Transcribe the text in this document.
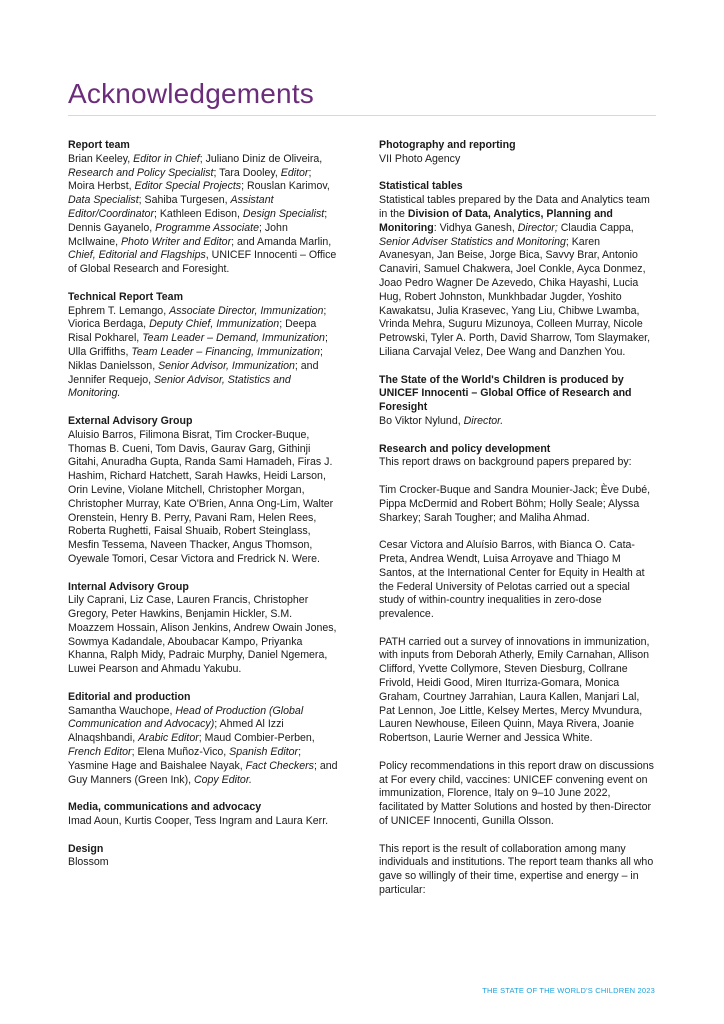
Acknowledgements
Report team

Brian Keeley, Editor in Chief; Juliano Diniz de Oliveira, Research and Policy Specialist; Tara Dooley, Editor; Moira Herbst, Editor Special Projects; Rouslan Karimov, Data Specialist; Sahiba Turgesen, Assistant Editor/Coordinator; Kathleen Edison, Design Specialist; Dennis Gayanelo, Programme Associate; John McIlwaine, Photo Writer and Editor; and Amanda Marlin, Chief, Editorial and Flagships, UNICEF Innocenti – Office of Global Research and Foresight.

Technical Report Team

Ephrem T. Lemango, Associate Director, Immunization; Viorica Berdaga, Deputy Chief, Immunization; Deepa Risal Pokharel, Team Leader – Demand, Immunization; Ulla Griffiths, Team Leader – Financing, Immunization; Niklas Danielsson, Senior Advisor, Immunization; and Jennifer Requejo, Senior Advisor, Statistics and Monitoring.

External Advisory Group

Aluisio Barros, Filimona Bisrat, Tim Crocker-Buque, Thomas B. Cueni, Tom Davis, Gaurav Garg, Githinji Gitahi, Anuradha Gupta, Randa Sami Hamadeh, Firas J. Hashim, Richard Hatchett, Sarah Hawks, Heidi Larson, Orin Levine, Violane Mitchell, Christopher Morgan, Christopher Murray, Kate O'Brien, Anna Ong-Lim, Walter Orenstein, Henry B. Perry, Pavani Ram, Helen Rees, Roberta Rughetti, Faisal Shuaib, Robert Steinglass, Mesfin Tessema, Naveen Thacker, Angus Thomson, Oyewale Tomori, Cesar Victora and Fredrick N. Were.

Internal Advisory Group

Lily Caprani, Liz Case, Lauren Francis, Christopher Gregory, Peter Hawkins, Benjamin Hickler, S.M. Moazzem Hossain, Alison Jenkins, Andrew Owain Jones, Sowmya Kadandale, Aboubacar Kampo, Priyanka Khanna, Ralph Midy, Padraic Murphy, Daniel Ngemera, Luwei Pearson and Ahmadu Yakubu.

Editorial and production

Samantha Wauchope, Head of Production (Global Communication and Advocacy); Ahmed Al Izzi Alnaqshbandi, Arabic Editor; Maud Combier-Perben, French Editor; Elena Muñoz-Vico, Spanish Editor; Yasmine Hage and Baishalee Nayak, Fact Checkers; and Guy Manners (Green Ink), Copy Editor.

Media, communications and advocacy

Imad Aoun, Kurtis Cooper, Tess Ingram and Laura Kerr.

Design

Blossom

Photography and reporting

VII Photo Agency

Statistical tables

Statistical tables prepared by the Data and Analytics team in the Division of Data, Analytics, Planning and Monitoring: Vidhya Ganesh, Director; Claudia Cappa, Senior Adviser Statistics and Monitoring; Karen Avanesyan, Jan Beise, Jorge Bica, Savvy Brar, Antonio Canaviri, Samuel Chakwera, Joel Conkle, Ayca Donmez, Joao Pedro Wagner De Azevedo, Chika Hayashi, Lucia Hug, Robert Johnston, Munkhbadar Jugder, Yoshito Kawakatsu, Julia Krasevec, Yang Liu, Chibwe Lwamba, Vrinda Mehra, Suguru Mizunoya, Colleen Murray, Nicole Petrowski, Tyler A. Porth, David Sharrow, Tom Slaymaker, Liliana Carvajal Velez, Dee Wang and Danzhen You.

The State of the World's Children is produced by UNICEF Innocenti – Global Office of Research and Foresight

Bo Viktor Nylund, Director.

Research and policy development

This report draws on background papers prepared by:

Tim Crocker-Buque and Sandra Mounier-Jack; Ève Dubé, Pippa McDermid and Robert Böhm; Holly Seale; Alyssa Sharkey; Sarah Tougher; and Maliha Ahmad.

Cesar Victora and Aluísio Barros, with Bianca O. Cata-Preta, Andrea Wendt, Luisa Arroyave and Thiago M Santos, at the International Center for Equity in Health at the Federal University of Pelotas carried out a special study of within-country inequalities in zero-dose prevalence.

PATH carried out a survey of innovations in immunization, with inputs from Deborah Atherly, Emily Carnahan, Allison Clifford, Yvette Collymore, Steven Diesburg, Collrane Frivold, Heidi Good, Miren Iturriza-Gomara, Monica Graham, Courtney Jarrahian, Laura Kallen, Manjari Lal, Pat Lennon, Joe Little, Kelsey Mertes, Mercy Mvundura, Lauren Newhouse, Eileen Quinn, Maya Rivera, Joanie Robertson, Laurie Werner and Jessica White.

Policy recommendations in this report draw on discussions at For every child, vaccines: UNICEF convening event on immunization, Florence, Italy on 9–10 June 2022, facilitated by Matter Solutions and hosted by then-Director of UNICEF Innocenti, Gunilla Olsson.

This report is the result of collaboration among many individuals and institutions. The report team thanks all who gave so willingly of their time, expertise and energy – in particular:

THE STATE OF THE WORLD'S CHILDREN 2023
